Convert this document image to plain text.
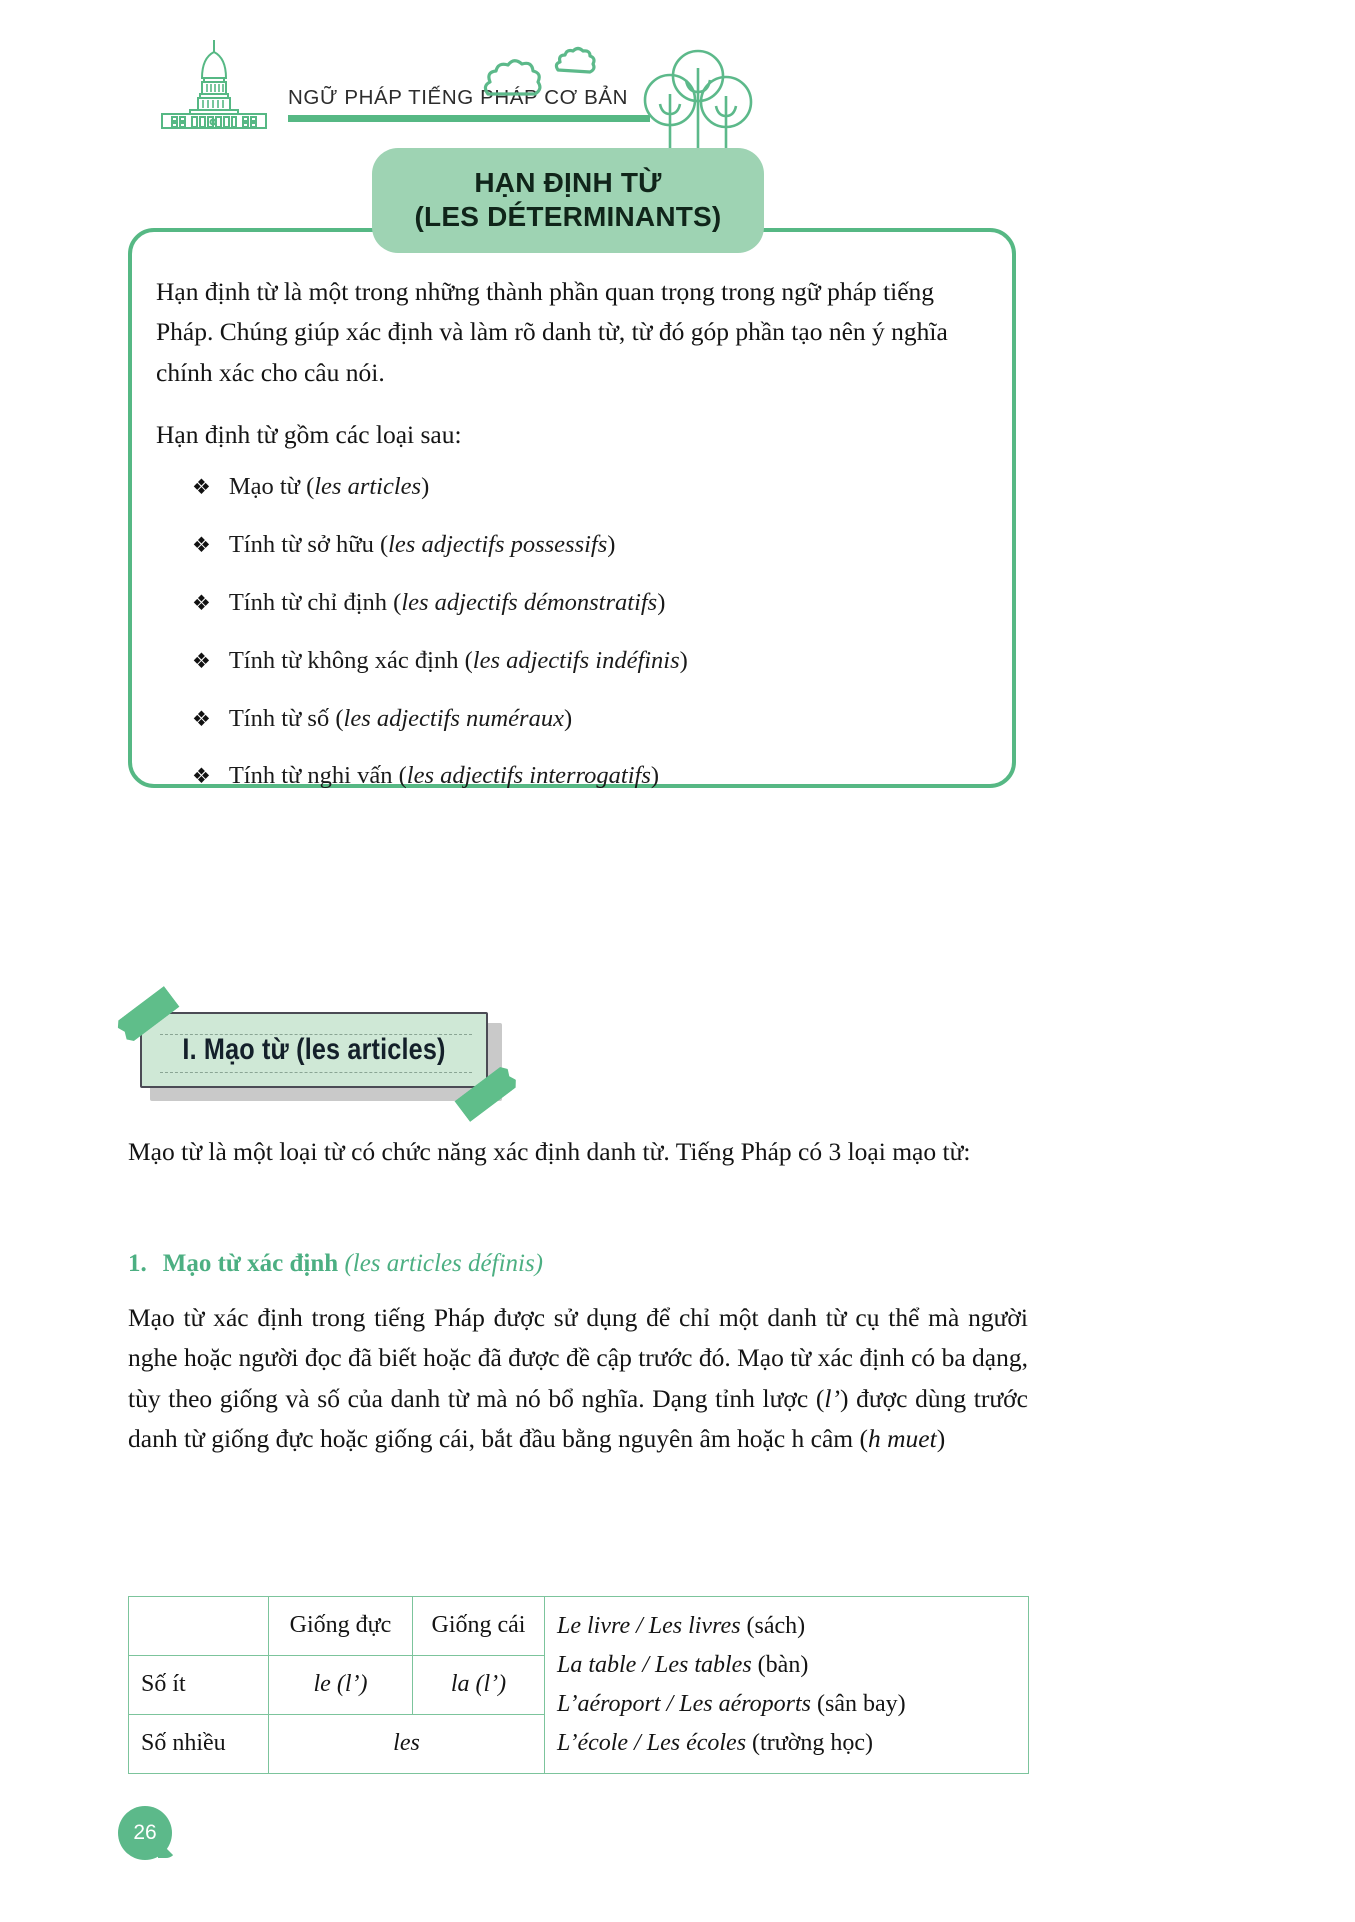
NGỮ PHÁP TIẾNG PHÁP CƠ BẢN
HẠN ĐỊNH TỪ
(LES DÉTERMINANTS)

Hạn định từ là một trong những thành phần quan trọng trong ngữ pháp tiếng Pháp. Chúng giúp xác định và làm rõ danh từ, từ đó góp phần tạo nên ý nghĩa chính xác cho câu nói.

Hạn định từ gồm các loại sau:

❖ Mạo từ (les articles)
❖ Tính từ sở hữu (les adjectifs possessifs)
❖ Tính từ chỉ định (les adjectifs démonstratifs)
❖ Tính từ không xác định (les adjectifs indéfinis)
❖ Tính từ số (les adjectifs numéraux)
❖ Tính từ nghi vấn (les adjectifs interrogatifs)
I. Mạo từ (les articles)

Mạo từ là một loại từ có chức năng xác định danh từ. Tiếng Pháp có 3 loại mạo từ:

1. Mạo từ xác định (les articles définis)

Mạo từ xác định trong tiếng Pháp được sử dụng để chỉ một danh từ cụ thể mà người nghe hoặc người đọc đã biết hoặc đã được đề cập trước đó. Mạo từ xác định có ba dạng, tùy theo giống và số của danh từ mà nó bổ nghĩa. Dạng tỉnh lược (l’) được dùng trước danh từ giống đực hoặc giống cái, bắt đầu bằng nguyên âm hoặc h câm (h muet)

	Giống đực	Giống cái	Le livre / Les livres (sách)
La table / Les tables (bàn)
L’aéroport / Les aéroports (sân bay)
L’école / Les écoles (trường học)

Số ít	le (l’)	la (l’)	
Số nhiều	les		
26
